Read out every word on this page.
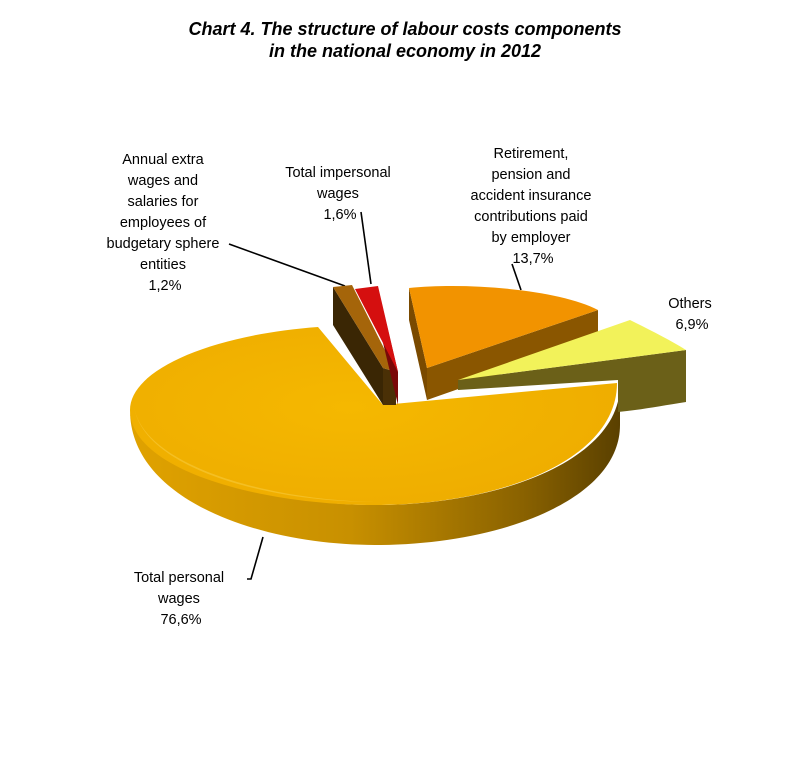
Chart 4. The structure of labour costs components
in the national economy in 2012
Annual extra wages and salaries for employees of budgetary sphere entities 1,2%
Total impersonal wages 1,6%
Retirement, pension and accident insurance contributions paid by employer 13,7%
Others 6,9%
Total personal wages 76,6%
